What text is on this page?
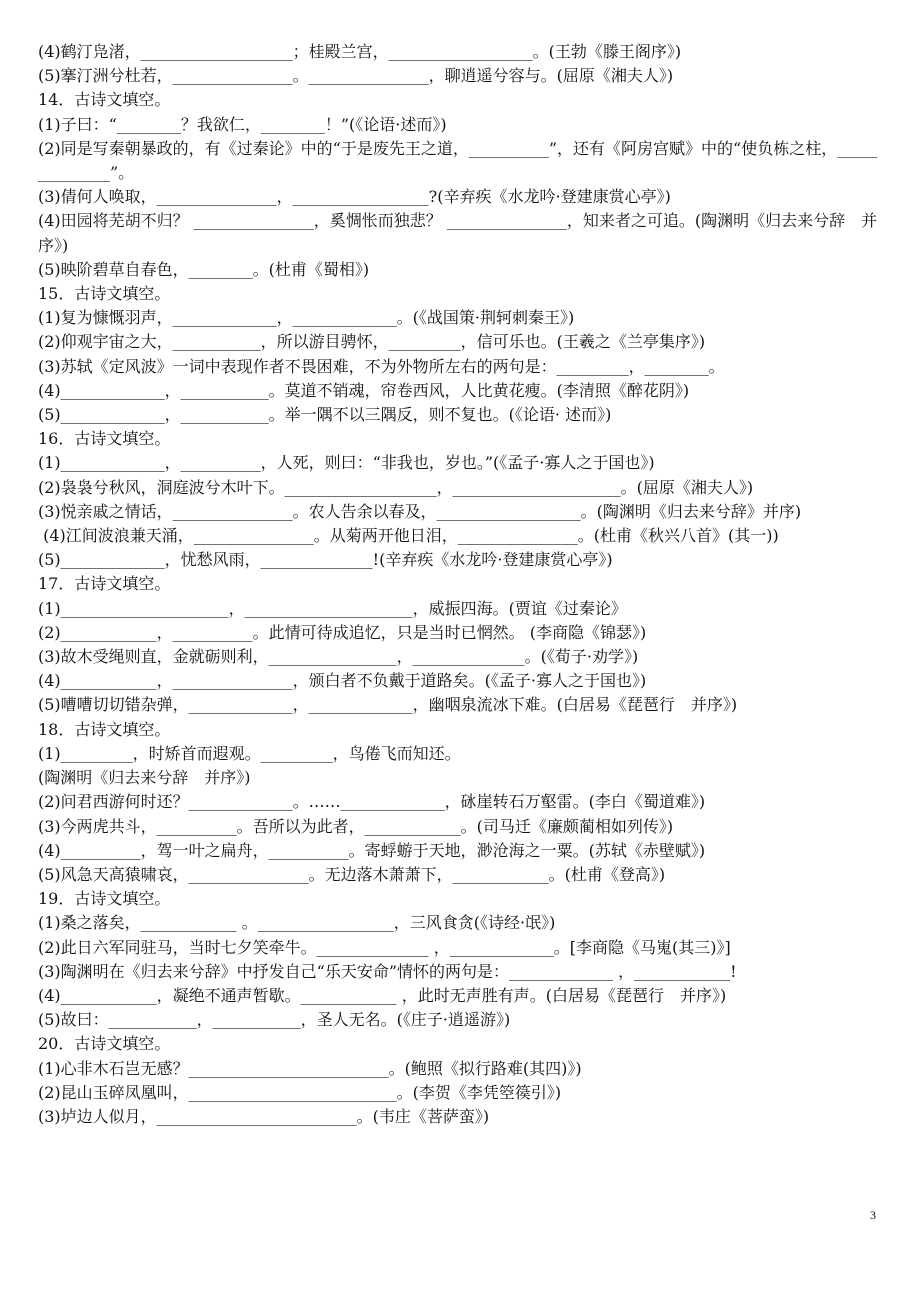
(4)鹤汀凫渚，___________________；桂殿兰宫，__________________。(王勃《滕王阁序》)
(5)搴汀洲兮杜若，_______________。_______________，聊逍遥兮容与。(屈原《湘夫人》)
14．古诗文填空。
(1)子曰：“________？我欲仁，________！”(《论语·述而》)
(2)同是写秦朝暴政的，有《过秦论》中的“于是废先王之道，__________”，还有《阿房宫赋》中的“使负栋之柱，______________”。
(3)倩何人唤取，_______________，_________________?(辛弃疾《水龙吟·登建康赏心亭》)
(4)田园将芜胡不归？ _______________，奚惆怅而独悲？ _______________，知来者之可追。(陶渊明《归去来兮辞　并序》)
(5)映阶碧草自春色，________。(杜甫《蜀相》)
15．古诗文填空。
(1)复为慷慨羽声，_____________，_____________。(《战国策·荆轲刺秦王》)
(2)仰观宇宙之大，___________，所以游目骋怀，_________，信可乐也。(王羲之《兰亭集序》)
(3)苏轼《定风波》一词中表现作者不畏困难，不为外物所左右的两句是：_________，________。
(4)_____________，___________。莫道不销魂，帘卷西风，人比黄花瘦。(李清照《醉花阴》)
(5)_____________，___________。举一隅不以三隅反，则不复也。(《论语· 述而》)
16．古诗文填空。
(1)_____________，__________，人死，则曰：“非我也，岁也。”(《孟子·寡人之于国也》)
(2)袅袅兮秋风，洞庭波兮木叶下。___________________，_____________________。(屈原《湘夫人》)
(3)悦亲戚之情话，_______________。农人告余以春及，__________________。(陶渊明《归去来兮辞》并序)
(4)江间波浪兼天涌，_______________。从菊两开他日泪，_______________。(杜甫《秋兴八首》(其一))
(5)_____________，忧愁风雨，______________!(辛弃疾《水龙吟·登建康赏心亭》)
17．古诗文填空。
(1)_____________________，_____________________，威振四海。(贾谊《过秦论》
(2)____________，__________。此情可待成追忆，只是当时已惘然。 (李商隐《锦瑟》)
(3)故木受绳则直，金就砺则利，________________，______________。(《荀子·劝学》)
(4)____________，_______________，颁白者不负戴于道路矣。(《孟子·寡人之于国也》)
(5)嘈嘈切切错杂弹，_____________，_____________，幽咽泉流冰下难。(白居易《琵琶行　并序》)
18．古诗文填空。
(1)_________，时矫首而遐观。_________，鸟倦飞而知还。
(陶渊明《归去来兮辞　并序》)
(2)问君西游何时还？_____________。……_____________，砯崖转石万壑雷。(李白《蜀道难》)
(3)今两虎共斗，__________。吾所以为此者，____________。(司马迁《廉颇蔺相如列传》)
(4)__________，驾一叶之扁舟，__________。寄蜉蝣于天地，渺沧海之一粟。(苏轼《赤壁赋》)
(5)风急天高猿啸哀，_______________。无边落木萧萧下，____________。(杜甫《登高》)
19．古诗文填空。
(1)桑之落矣，____________ 。_________________，三风食贪(《诗经·氓》)
(2)此日六军同驻马，当时七夕笑牵牛。______________ ，_____________。[李商隐《马嵬(其三)》]
(3)陶渊明在《归去来兮辞》中抒发自己“乐天安命”情怀的两句是：_____________ ，____________!
(4)____________，凝绝不通声暂歇。____________ ，此时无声胜有声。(白居易《琵琶行　并序》)
(5)故曰：___________，___________，圣人无名。(《庄子·逍遥游》)
20．古诗文填空。
(1)心非木石岂无感？_________________________。(鲍照《拟行路难(其四)》)
(2)昆山玉碎凤凰叫，__________________________。(李贺《李凭箜篌引》)
(3)垆边人似月，_________________________。(韦庄《菩萨蛮》)
3
